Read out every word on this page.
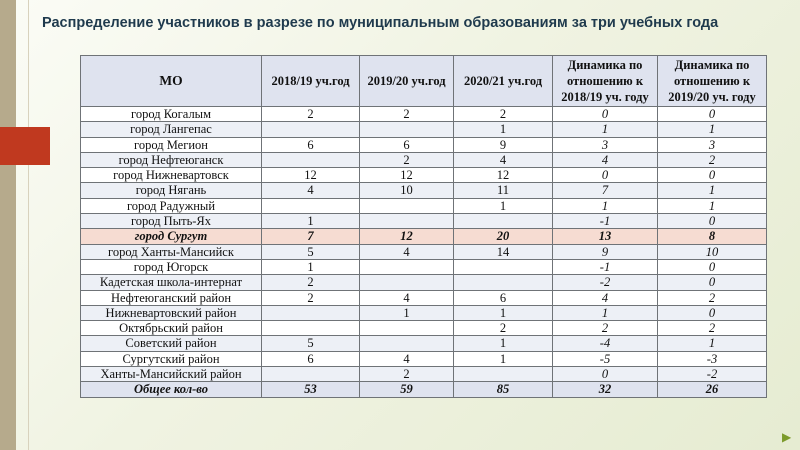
Распределение участников в разрезе по муниципальным образованиям за три учебных года
МО	2018/19 уч.год	2019/20 уч.год	2020/21 уч.год	Динамика по отношению к 2018/19 уч. году	Динамика по отношению к 2019/20 уч. году
город Когалым	2	2	2	0	0
город Лангепас			1	1	1
город Мегион	6	6	9	3	3
город Нефтеюганск		2	4	4	2
город Нижневартовск	12	12	12	0	0
город Нягань	4	10	11	7	1
город Радужный			1	1	1
город Пыть-Ях	1			-1	0
город Сургут	7	12	20	13	8
город Ханты-Мансийск	5	4	14	9	10
город Югорск	1			-1	0
Кадетская школа-интернат	2			-2	0
Нефтеюганский район	2	4	6	4	2
Нижневартовский район		1	1	1	0
Октябрьский район			2	2	2
Советский район	5		1	-4	1
Сургутский район	6	4	1	-5	-3
Ханты-Мансийский район		2		0	-2
Общее кол-во	53	59	85	32	26
▶
